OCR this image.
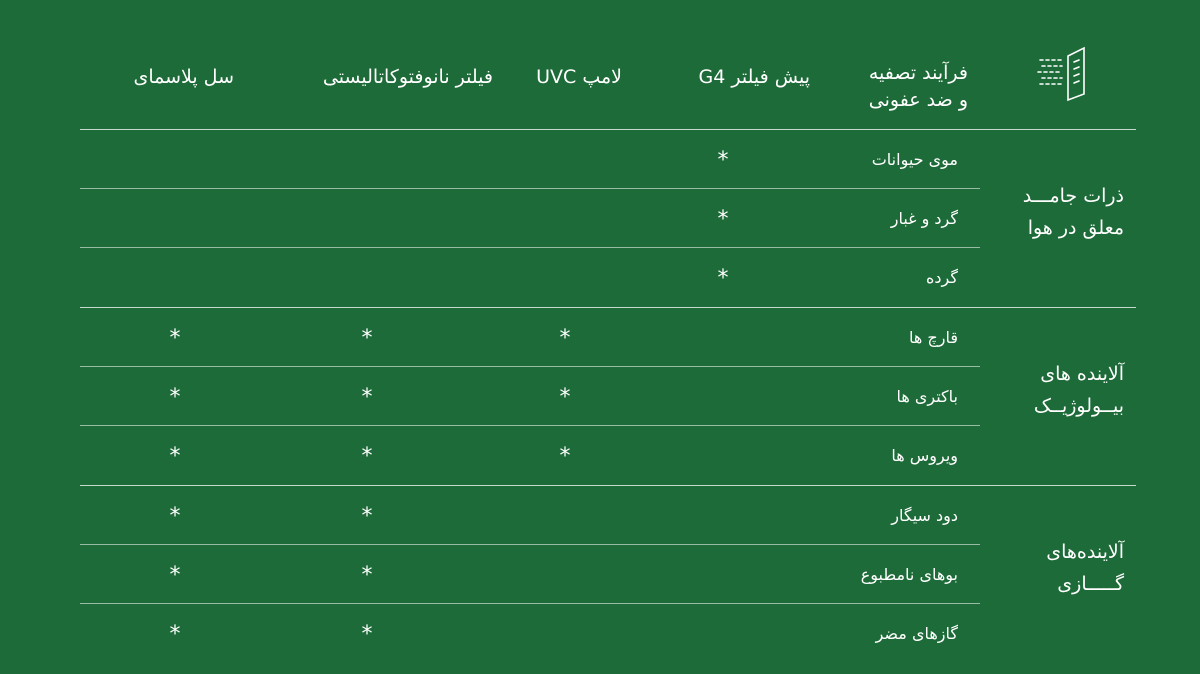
فرآیند تصفیه
و ضد عفونی
پیش فیلتر G4
لامپ UVC
فیلتر نانوفتوکاتالیستی
سل پلاسمای
ذرات جامـــد
معلق در هوا
آلاینده های
بیــولوژیــک
آلاینده‌های
گـــــازی
موی حیوانات
*
گرد و غبار
*
گرده
*
قارچ ها
*
*
*
باکتری ها
*
*
*
ویروس ها
*
*
*
دود سیگار
*
*
بوهای نامطبوع
*
*
گازهای مضر
*
*
